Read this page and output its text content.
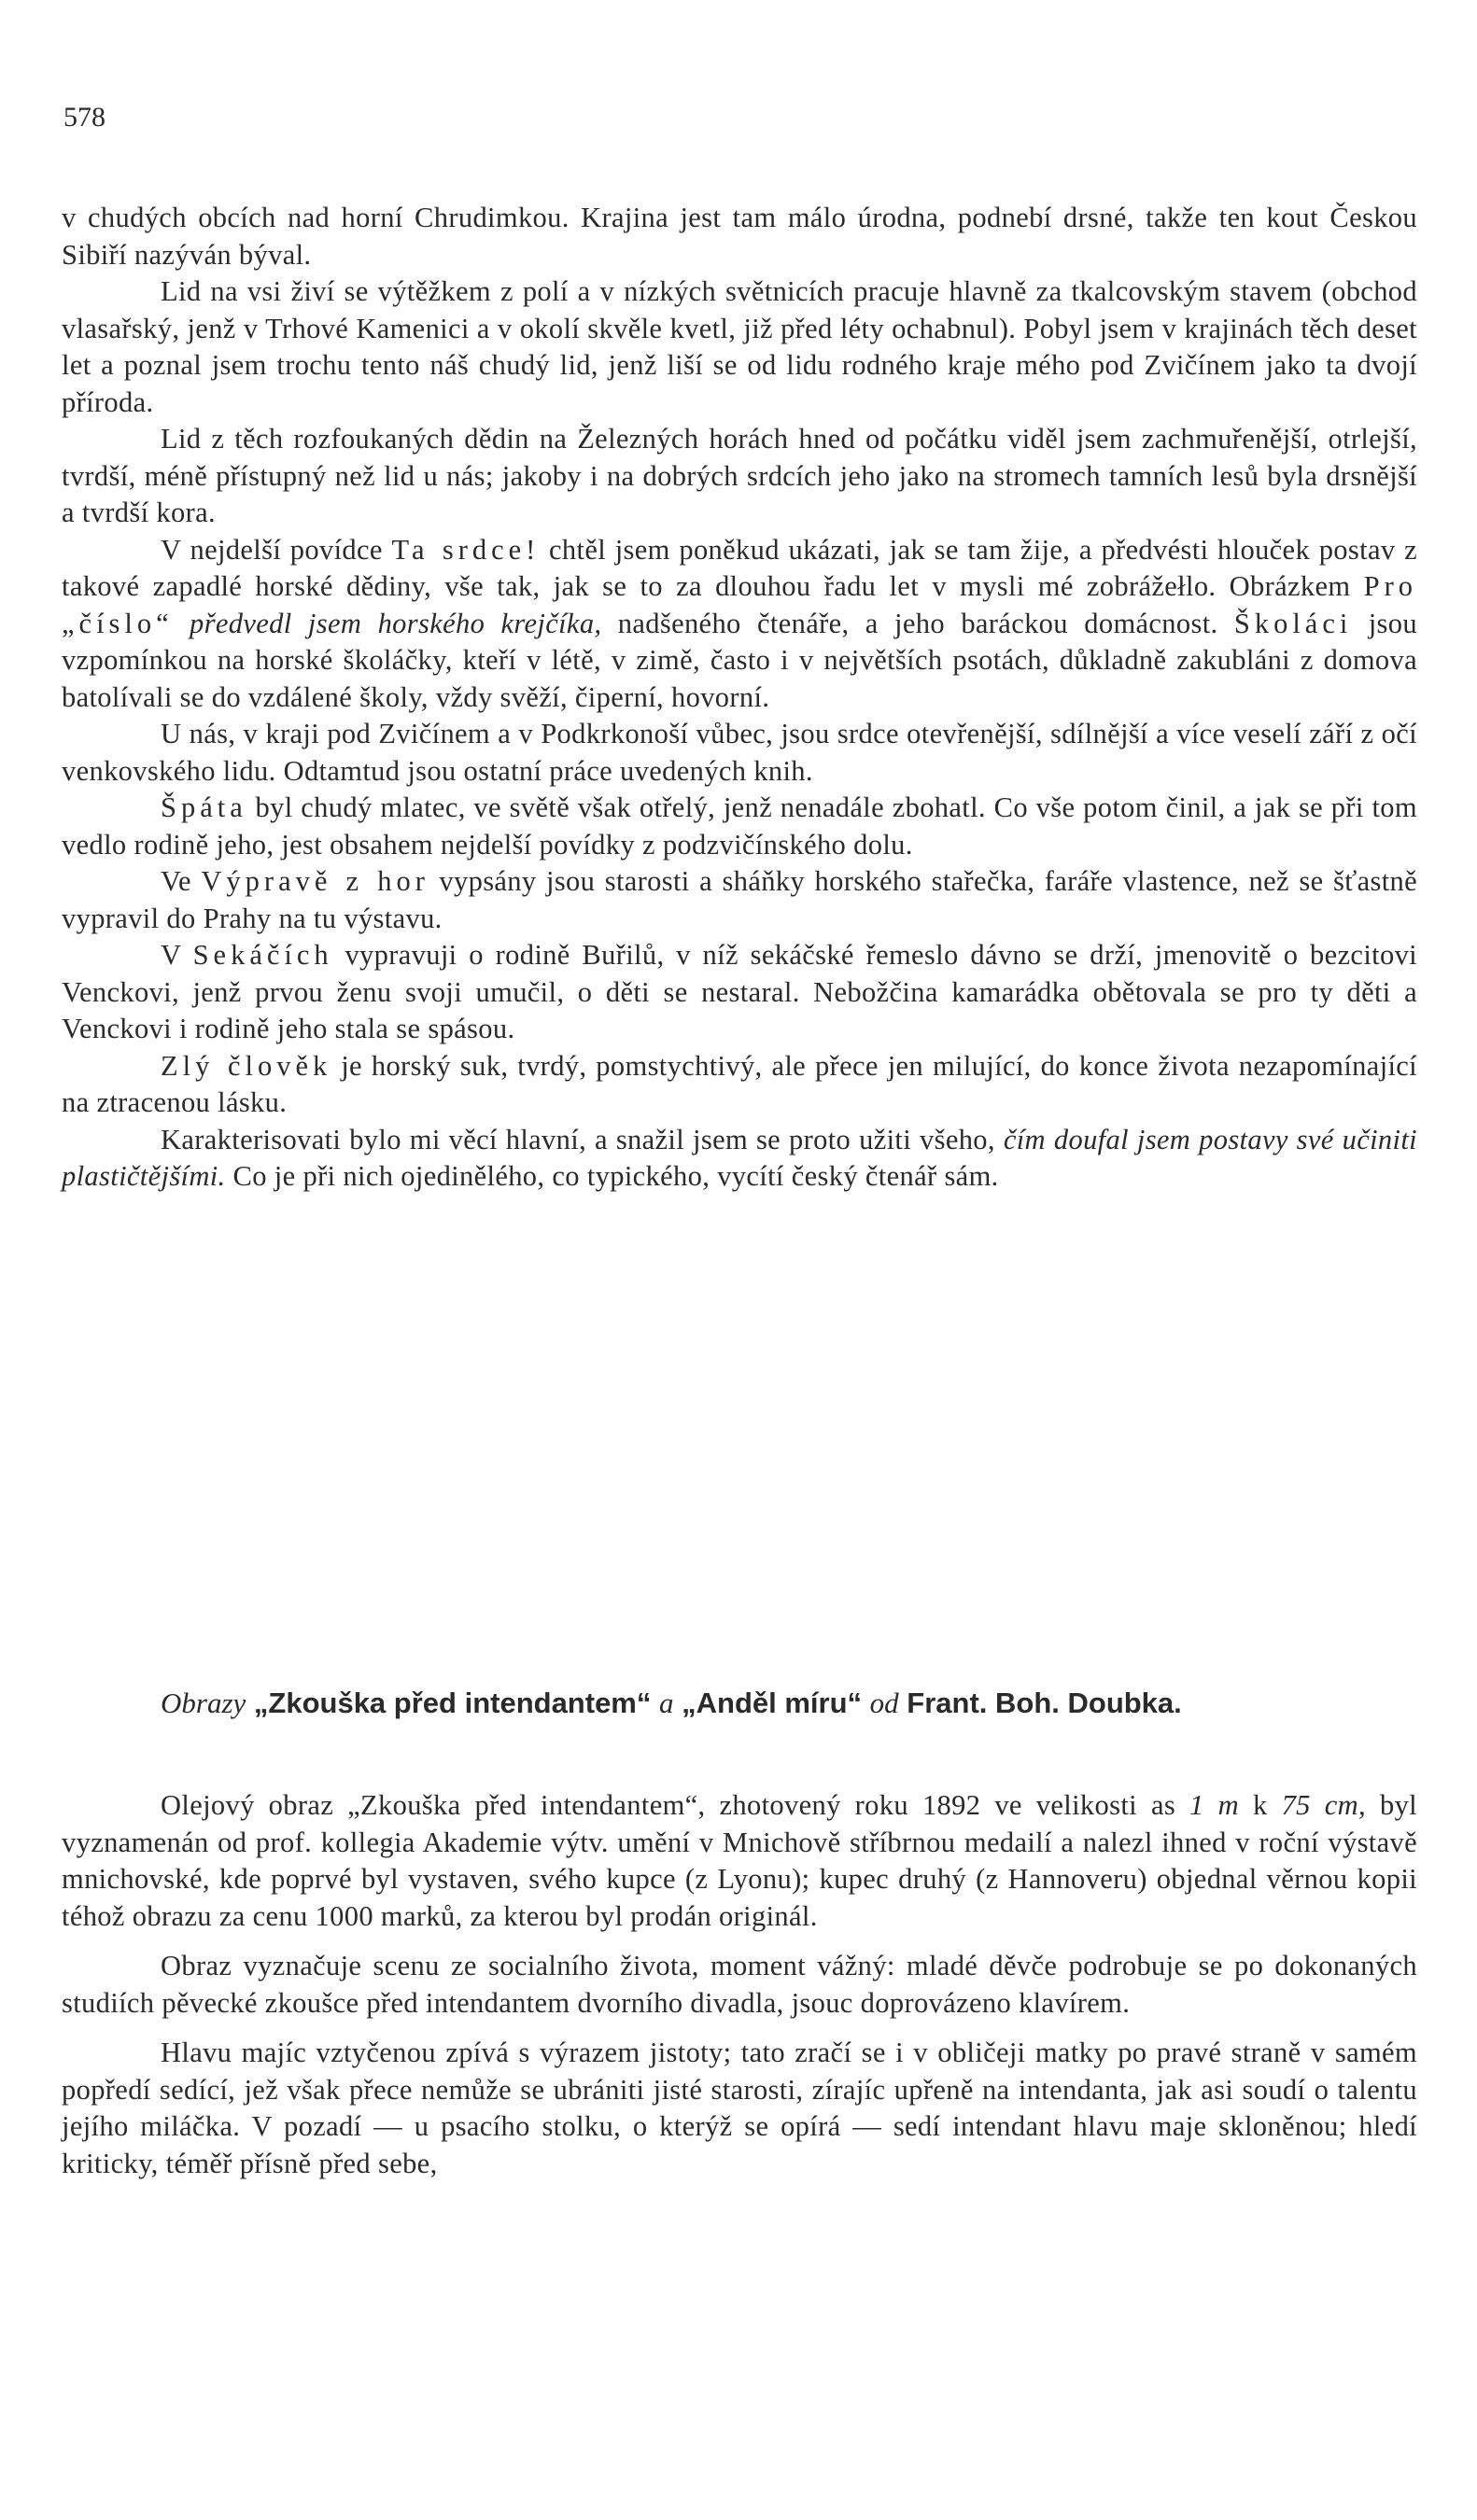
578

v chudých obcích nad horní Chrudimkou. Krajina jest tam málo úrodna, podnebí drsné, takže ten kout Českou Sibiří nazýván býval.

Lid na vsi živí se výtěžkem z polí a v nízkých světnicích pracuje hlavně za tkalcovským stavem (obchod vlasařský, jenž v Trhové Kamenici a v okolí skvěle kvetl, již před léty ochabnul). Pobyl jsem v krajinách těch deset let a poznal jsem trochu tento náš chudý lid, jenž liší se od lidu rodného kraje mého pod Zvičínem jako ta dvojí příroda.

Lid z těch rozfoukaných dědin na Železných horách hned od počátku viděl jsem zachmuřenější, otrlejší, tvrdší, méně přístupný než lid u nás; jakoby i na dobrých srdcích jeho jako na stromech tamních lesů byla drsnější a tvrdší kora.

V nejdelší povídce Ta srdce! chtěl jsem poněkud ukázati, jak se tam žije, a předvésti hlouček postav z takové zapadlé horské dědiny, vše tak, jak se to za dlouhou řadu let v mysli mé zobrážełlo. Obrázkem Pro „číslo“ předvedl jsem horského krejčíka, nadšeného čtenáře, a jeho baráckou domácnost. Školáci jsou vzpomínkou na horské školáčky, kteří v létě, v zimě, často i v největších psotách, důkladně zakubláni z domova batolívali se do vzdálené školy, vždy svěží, čiperní, hovorní.

U nás, v kraji pod Zvičínem a v Podkrkonoší vůbec, jsou srdce otevřenější, sdílnější a více veselí září z očí venkovského lidu. Odtamtud jsou ostatní práce uvedených knih.

Špáta byl chudý mlatec, ve světě však otřelý, jenž nenadále zbohatl. Co vše potom činil, a jak se při tom vedlo rodině jeho, jest obsahem nejdelší povídky z podzvičínského dolu.

Ve Výpravě z hor vypsány jsou starosti a sháňky horského stařečka, faráře vlastence, než se šťastně vypravil do Prahy na tu výstavu.

V Sekáčích vypravuji o rodině Buřilů, v níž sekáčské řemeslo dávno se drží, jmenovitě o bezcitovi Venckovi, jenž prvou ženu svoji umučil, o děti se nestaral. Nebožčina kamarádka obětovala se pro ty děti a Venckovi i rodině jeho stala se spásou.

Zlý člověk je horský suk, tvrdý, pomstychtivý, ale přece jen milující, do konce života nezapomínající na ztracenou lásku.

Karakterisovati bylo mi věcí hlavní, a snažil jsem se proto užiti všeho, čím doufal jsem postavy své učiniti plastičtějšími. Co je při nich ojedinělého, co typického, vycítí český čtenář sám.

Obrazy „Zkouška před intendantem“ a „Anděl míru“ od Frant. Boh. Doubka.

Olejový obraz „Zkouška před intendantem“, zhotovený roku 1892 ve velikosti as 1 m k 75 cm, byl vyznamenán od prof. kollegia Akademie výtv. umění v Mnichově stříbrnou medailí a nalezl ihned v roční výstavě mnichovské, kde poprvé byl vystaven, svého kupce (z Lyonu); kupec druhý (z Hannoveru) objednal věrnou kopii téhož obrazu za cenu 1000 marků, za kterou byl prodán originál.

Obraz vyznačuje scenu ze socialního života, moment vážný: mladé děvče podrobuje se po dokonaných studiích pěvecké zkoušce před intendantem dvorního divadla, jsouc doprovázeno klavírem.

Hlavu majíc vztyčenou zpívá s výrazem jistoty; tato zračí se i v obličeji matky po pravé straně v samém popředí sedící, jež však přece nemůže se ubrániti jisté starosti, zírajíc upřeně na intendanta, jak asi soudí o talentu jejího miláčka. V pozadí — u psacího stolku, o kterýž se opírá — sedí intendant hlavu maje skloněnou; hledí kriticky, téměř přísně před sebe,
